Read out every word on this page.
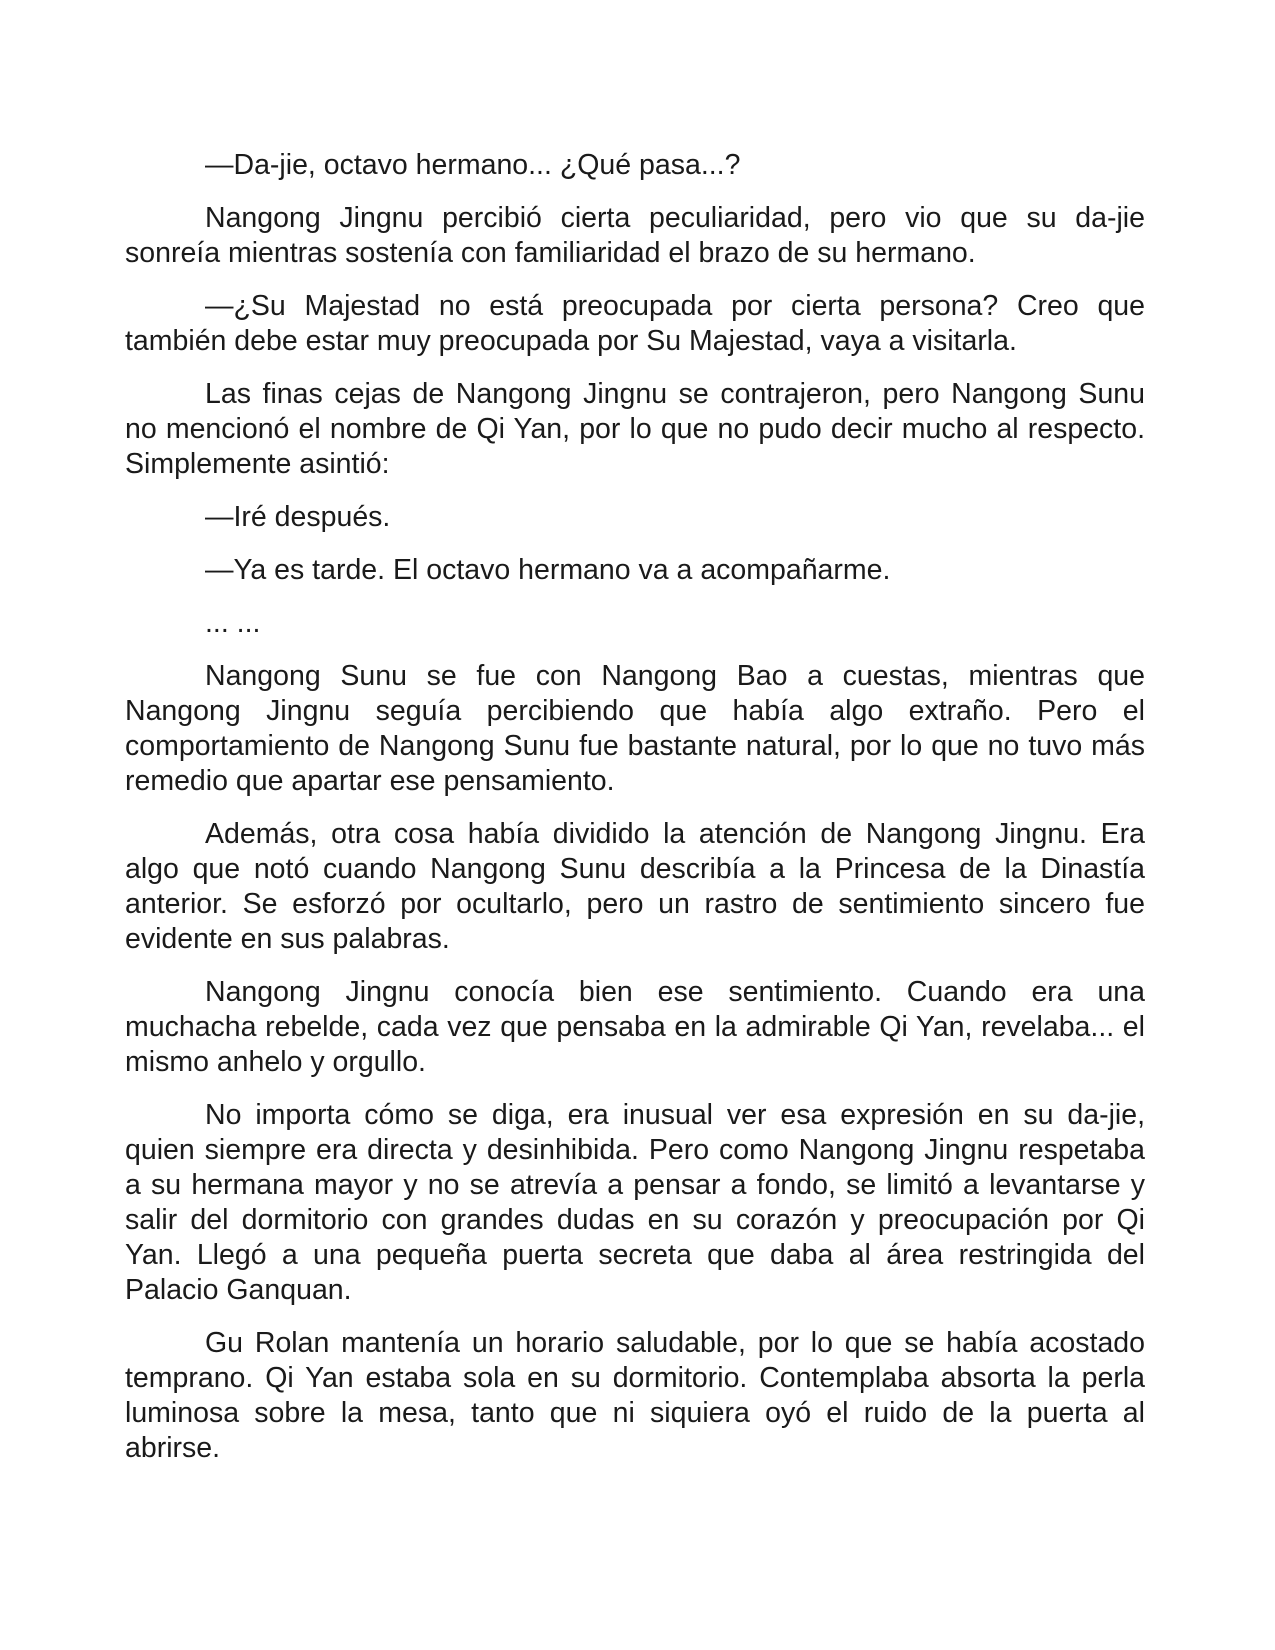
—Da-jie, octavo hermano... ¿Qué pasa...?

Nangong Jingnu percibió cierta peculiaridad, pero vio que su da-jie sonreía mientras sostenía con familiaridad el brazo de su hermano.

—¿Su Majestad no está preocupada por cierta persona? Creo que también debe estar muy preocupada por Su Majestad, vaya a visitarla.

Las finas cejas de Nangong Jingnu se contrajeron, pero Nangong Sunu no mencionó el nombre de Qi Yan, por lo que no pudo decir mucho al respecto. Simplemente asintió:

—Iré después.

—Ya es tarde. El octavo hermano va a acompañarme.

... ...

Nangong Sunu se fue con Nangong Bao a cuestas, mientras que Nangong Jingnu seguía percibiendo que había algo extraño. Pero el comportamiento de Nangong Sunu fue bastante natural, por lo que no tuvo más remedio que apartar ese pensamiento.

Además, otra cosa había dividido la atención de Nangong Jingnu. Era algo que notó cuando Nangong Sunu describía a la Princesa de la Dinastía anterior. Se esforzó por ocultarlo, pero un rastro de sentimiento sincero fue evidente en sus palabras.

Nangong Jingnu conocía bien ese sentimiento. Cuando era una muchacha rebelde, cada vez que pensaba en la admirable Qi Yan, revelaba... el mismo anhelo y orgullo.

No importa cómo se diga, era inusual ver esa expresión en su da-jie, quien siempre era directa y desinhibida. Pero como Nangong Jingnu respetaba a su hermana mayor y no se atrevía a pensar a fondo, se limitó a levantarse y salir del dormitorio con grandes dudas en su corazón y preocupación por Qi Yan. Llegó a una pequeña puerta secreta que daba al área restringida del Palacio Ganquan.

Gu Rolan mantenía un horario saludable, por lo que se había acostado temprano. Qi Yan estaba sola en su dormitorio. Contemplaba absorta la perla luminosa sobre la mesa, tanto que ni siquiera oyó el ruido de la puerta al abrirse.
